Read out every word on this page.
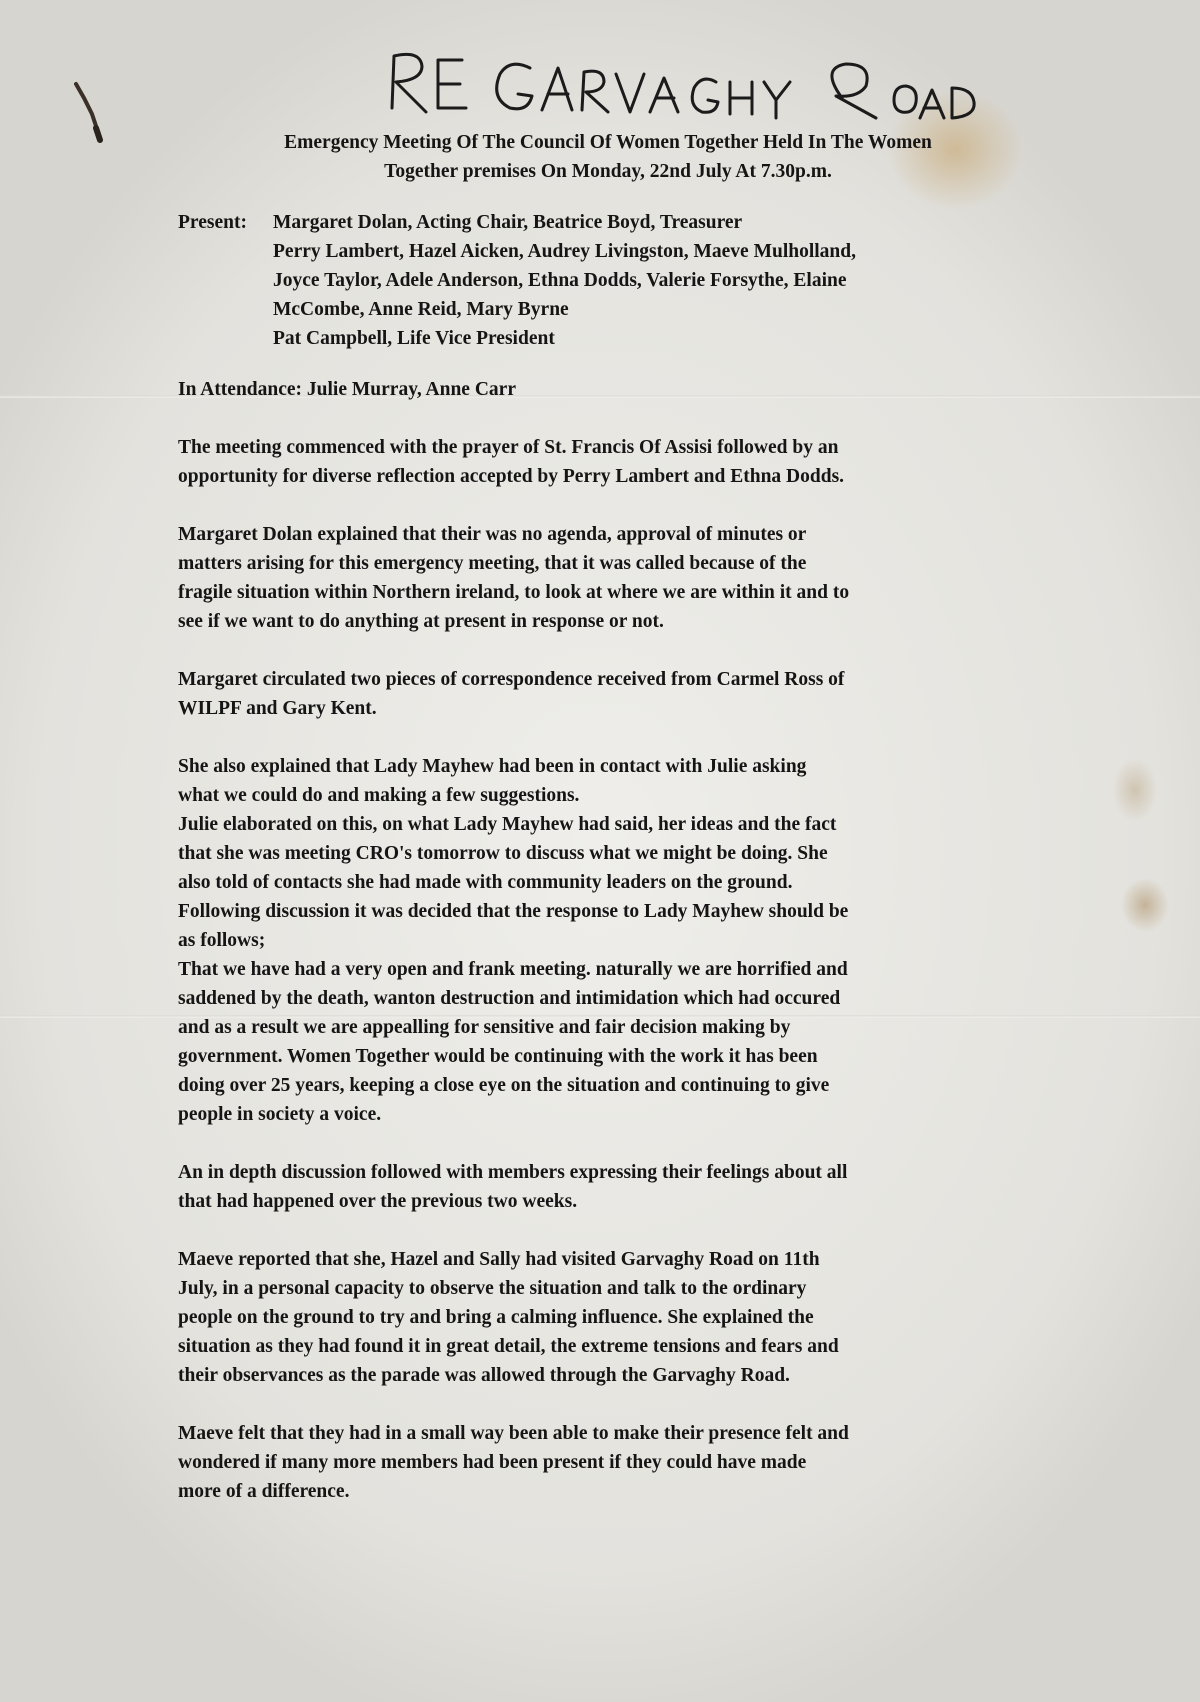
Emergency Meeting Of The Council Of Women Together Held In The Women
Together premises On Monday, 22nd July At 7.30p.m.
Present:	Margaret Dolan, Acting Chair, Beatrice Boyd, Treasurer
Perry Lambert, Hazel Aicken, Audrey Livingston, Maeve Mulholland,
Joyce Taylor, Adele Anderson, Ethna Dodds, Valerie Forsythe, Elaine
McCombe, Anne Reid, Mary Byrne
Pat Campbell, Life Vice President

In Attendance: Julie Murray, Anne Carr

The meeting commenced with the prayer of St. Francis Of Assisi followed by an
opportunity for diverse reflection accepted by Perry Lambert and Ethna Dodds.

Margaret Dolan explained that their was no agenda, approval of minutes or
matters arising for this emergency meeting, that it was called because of the
fragile situation within Northern ireland, to look at where we are within it and to
see if we want to do anything at present in response or not.

Margaret circulated two pieces of correspondence received from Carmel Ross of
WILPF and Gary Kent.

She also explained that Lady Mayhew had been in contact with Julie asking
what we could do and making a few suggestions.
Julie elaborated on this, on what Lady Mayhew had said, her ideas and the fact
that she was meeting CRO's tomorrow to discuss what we might be doing. She
also told of contacts she had made with community leaders on the ground.
Following discussion it was decided that the response to Lady Mayhew should be
as follows;
That we have had a very open and frank meeting. naturally we are horrified and
saddened by the death, wanton destruction and intimidation which had occured
and as a result we are appealling for sensitive and fair decision making by
government. Women Together would be continuing with the work it has been
doing over 25 years, keeping a close eye on the situation and continuing to give
people in society a voice.

An in depth discussion followed with members expressing their feelings about all
that had happened over the previous two weeks.

Maeve reported that she, Hazel and Sally had visited Garvaghy Road on 11th
July, in a personal capacity to observe the situation and talk to the ordinary
people on the ground to try and bring a calming influence. She explained the
situation as they had found it in great detail, the extreme tensions and fears and
their observances as the parade was allowed through the Garvaghy Road.

Maeve felt that they had in a small way been able to make their presence felt and
wondered if many more members had been present if they could have made
more of a difference.
